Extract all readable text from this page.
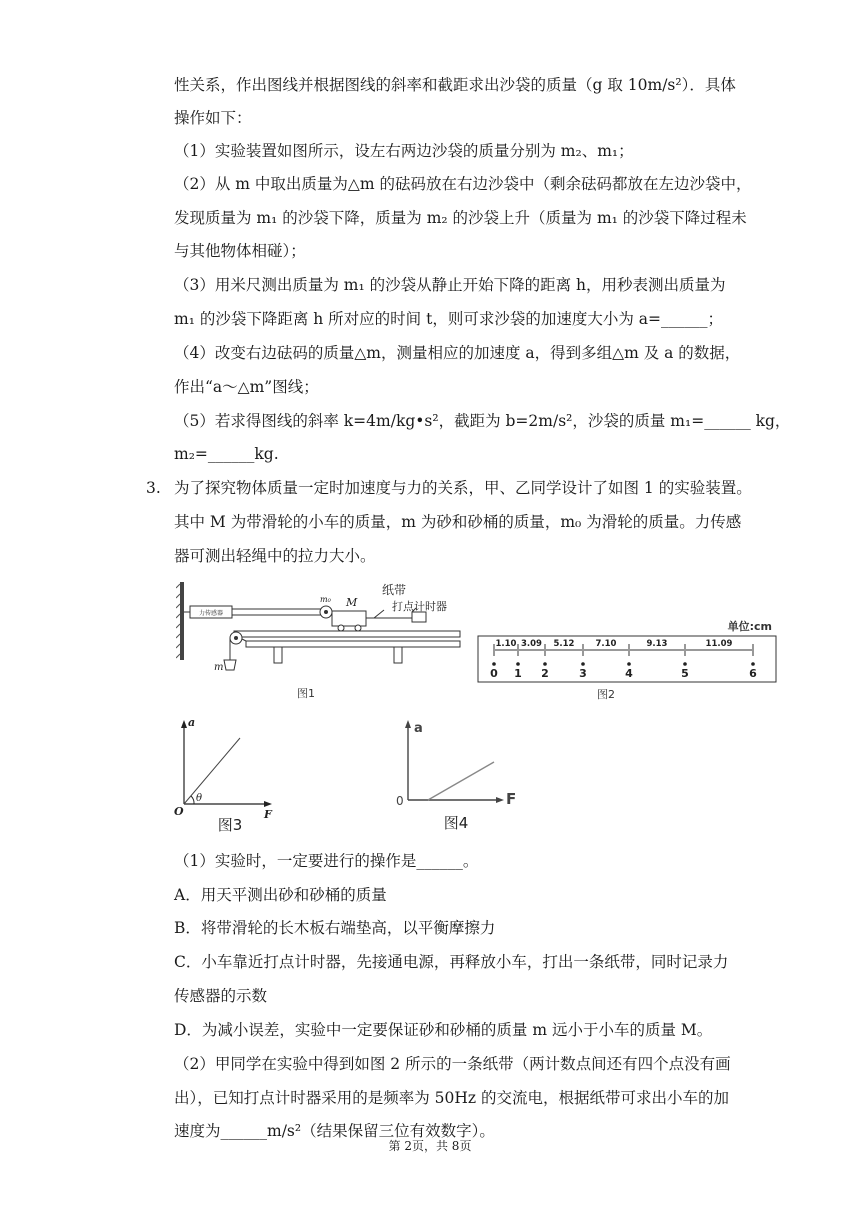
性关系，作出图线并根据图线的斜率和截距求出沙袋的质量（g 取 10m/s²）．具体
操作如下：
（1）实验装置如图所示，设左右两边沙袋的质量分别为 m₂、m₁；
（2）从 m 中取出质量为△m 的砝码放在右边沙袋中（剩余砝码都放在左边沙袋中，
发现质量为 m₁ 的沙袋下降，质量为 m₂ 的沙袋上升（质量为 m₁ 的沙袋下降过程未
与其他物体相碰）；
（3）用米尺测出质量为 m₁ 的沙袋从静止开始下降的距离 h，用秒表测出质量为
m₁ 的沙袋下降距离 h 所对应的时间 t，则可求沙袋的加速度大小为 a=______；
（4）改变右边砝码的质量△m，测量相应的加速度 a，得到多组△m 及 a 的数据，
作出“a～△m”图线；
（5）若求得图线的斜率 k=4m/kg•s²，截距为 b=2m/s²，沙袋的质量 m₁=______ kg，
m₂=______kg.
3. 为了探究物体质量一定时加速度与力的关系，甲、乙同学设计了如图 1 的实验装置。
其中 M 为带滑轮的小车的质量，m 为砂和砂桶的质量，m₀ 为滑轮的质量。力传感
器可测出轻绳中的拉力大小。
力传感器
m₀ M
纸带
打点计时器
m
图1
单位:cm
0 1 2	3	4	5	6
1.10 3.09 5.12 7.10	9.13	11.09
图2
a
O
θ
F
图3
a
0	F
图4
（1）实验时，一定要进行的操作是______。
A．用天平测出砂和砂桶的质量
B．将带滑轮的长木板右端垫高，以平衡摩擦力
C．小车靠近打点计时器，先接通电源，再释放小车，打出一条纸带，同时记录力
传感器的示数
D．为减小误差，实验中一定要保证砂和砂桶的质量 m 远小于小车的质量 M。
（2）甲同学在实验中得到如图 2 所示的一条纸带（两计数点间还有四个点没有画
出），已知打点计时器采用的是频率为 50Hz 的交流电，根据纸带可求出小车的加
速度为______m/s²（结果保留三位有效数字）。
第 2页，共 8页
